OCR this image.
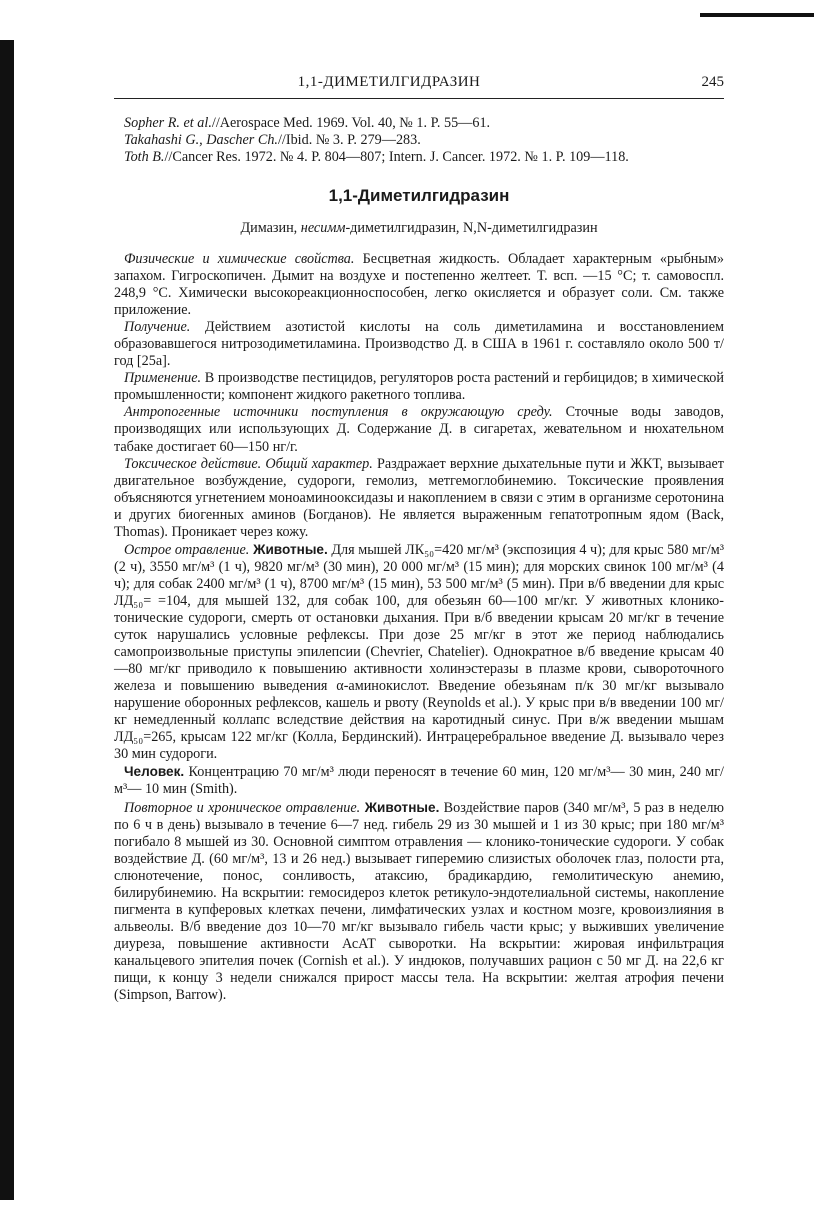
1,1-ДИМЕТИЛГИДРАЗИН	245

Sopher R. et al.//Aerospace Med. 1969. Vol. 40, № 1. P. 55—61.

Takahashi G., Dascher Ch.//Ibid. № 3. P. 279—283.

Toth B.//Cancer Res. 1972. № 4. P. 804—807; Intern. J. Cancer. 1972. № 1. P. 109—118.

1,1-Диметилгидразин
Димазин, несимм-диметилгидразин, N,N-диметилгидразин

Физические и химические свойства. Бесцветная жидкость. Обладает характерным «рыбным» запахом. Гигроскопичен. Дымит на воздухе и постепенно желтеет. Т. всп. —15 °С; т. самовоспл. 248,9 °С. Химически высокореакционноспособен, легко окисляется и образует соли. См. также приложение.

Получение. Действием азотистой кислоты на соль диметиламина и восстановлением образовавшегося нитрозодиметиламина. Производство Д. в США в 1961 г. составляло около 500 т/год [25а].

Применение. В производстве пестицидов, регуляторов роста растений и гербицидов; в химической промышленности; компонент жидкого ракетного топлива.

Антропогенные источники поступления в окружающую среду. Сточные воды заводов, производящих или использующих Д. Содержание Д. в сигаретах, жевательном и нюхательном табаке достигает 60—150 нг/г.

Токсическое действие. Общий характер. Раздражает верхние дыхательные пути и ЖКТ, вызывает двигательное возбуждение, судороги, гемолиз, метгемоглобинемию. Токсические проявления объясняются угнетением моноаминооксидазы и накоплением в связи с этим в организме серотонина и других биогенных аминов (Богданов). Не является выраженным гепатотропным ядом (Back, Thomas). Проникает через кожу.

Острое отравление. Животные. Для мышей ЛК₅₀=420 мг/м³ (экспозиция 4 ч); для крыс 580 мг/м³ (2 ч), 3550 мг/м³ (1 ч), 9820 мг/м³ (30 мин), 20 000 мг/м³ (15 мин); для морских свинок 100 мг/м³ (4 ч); для собак 2400 мг/м³ (1 ч), 8700 мг/м³ (15 мин), 53 500 мг/м³ (5 мин). При в/б введении для крыс ЛД₅₀= =104, для мышей 132, для собак 100, для обезьян 60—100 мг/кг. У животных клонико-тонические судороги, смерть от остановки дыхания. При в/б введении крысам 20 мг/кг в течение суток нарушались условные рефлексы. При дозе 25 мг/кг в этот же период наблюдались самопроизвольные приступы эпилепсии (Chevrier, Chatelier). Однократное в/б введение крысам 40—80 мг/кг приводило к повышению активности холинэстеразы в плазме крови, сывороточного железа и повышению выведения α-аминокислот. Введение обезьянам п/к 30 мг/кг вызывало нарушение оборонных рефлексов, кашель и рвоту (Reynolds et al.). У крыс при в/в введении 100 мг/кг немедленный коллапс вследствие действия на каротидный синус. При в/ж введении мышам ЛД₅₀=265, крысам 122 мг/кг (Колла, Бердинский). Интрацеребральное введение Д. вызывало через 30 мин судороги.

Человек. Концентрацию 70 мг/м³ люди переносят в течение 60 мин, 120 мг/м³— 30 мин, 240 мг/м³— 10 мин (Smith).

Повторное и хроническое отравление. Животные. Воздействие паров (340 мг/м³, 5 раз в неделю по 6 ч в день) вызывало в течение 6—7 нед. гибель 29 из 30 мышей и 1 из 30 крыс; при 180 мг/м³ погибало 8 мышей из 30. Основной симптом отравления — клонико-тонические судороги. У собак воздействие Д. (60 мг/м³, 13 и 26 нед.) вызывает гиперемию слизистых оболочек глаз, полости рта, слюнотечение, понос, сонливость, атаксию, брадикардию, гемолитическую анемию, билирубинемию. На вскрытии: гемосидероз клеток ретикуло-эндотелиальной системы, накопление пигмента в купферовых клетках печени, лимфатических узлах и костном мозге, кровоизлияния в альвеолы. В/б введение доз 10—70 мг/кг вызывало гибель части крыс; у выживших увеличение диуреза, повышение активности АсАТ сыворотки. На вскрытии: жировая инфильтрация канальцевого эпителия почек (Cornish et al.). У индюков, получавших рацион с 50 мг Д. на 22,6 кг пищи, к концу 3 недели снижался прирост массы тела. На вскрытии: желтая атрофия печени (Simpson, Barrow).
